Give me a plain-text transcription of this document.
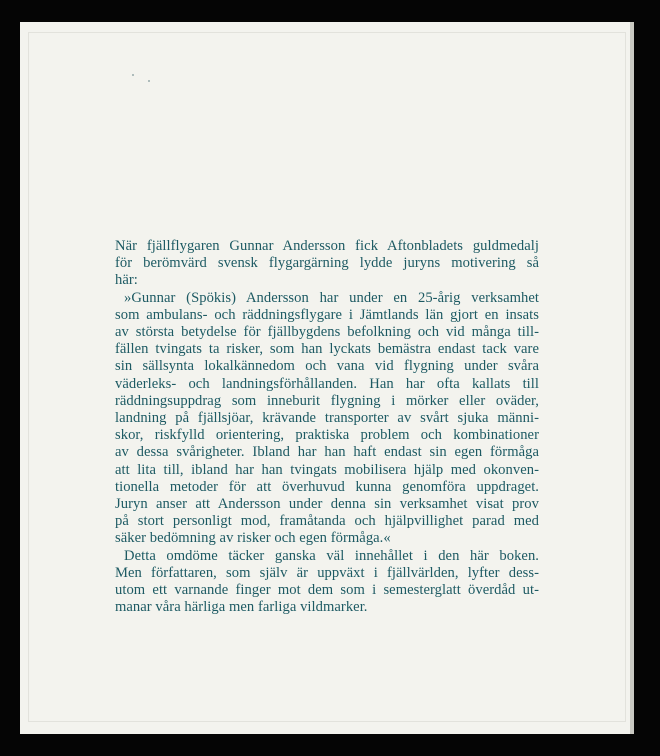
När fjällflygaren Gunnar Andersson fick Aftonbladets guldmedalj
för berömvärd svensk flygargärning lydde juryns motivering så
här:
»Gunnar (Spökis) Andersson har under en 25-årig verksamhet
som ambulans- och räddningsflygare i Jämtlands län gjort en insats
av största betydelse för fjällbygdens befolkning och vid många till-
fällen tvingats ta risker, som han lyckats bemästra endast tack vare
sin sällsynta lokalkännedom och vana vid flygning under svåra
väderleks- och landningsförhållanden. Han har ofta kallats till
räddningsuppdrag som inneburit flygning i mörker eller oväder,
landning på fjällsjöar, krävande transporter av svårt sjuka männi-
skor, riskfylld orientering, praktiska problem och kombinationer
av dessa svårigheter. Ibland har han haft endast sin egen förmåga
att lita till, ibland har han tvingats mobilisera hjälp med okonven-
tionella metoder för att överhuvud kunna genomföra uppdraget.
Juryn anser att Andersson under denna sin verksamhet visat prov
på stort personligt mod, framåtanda och hjälpvillighet parad med
säker bedömning av risker och egen förmåga.«
Detta omdöme täcker ganska väl innehållet i den här boken.
Men författaren, som själv är uppväxt i fjällvärlden, lyfter dess-
utom ett varnande finger mot dem som i semesterglatt överdåd ut-
manar våra härliga men farliga vildmarker.
